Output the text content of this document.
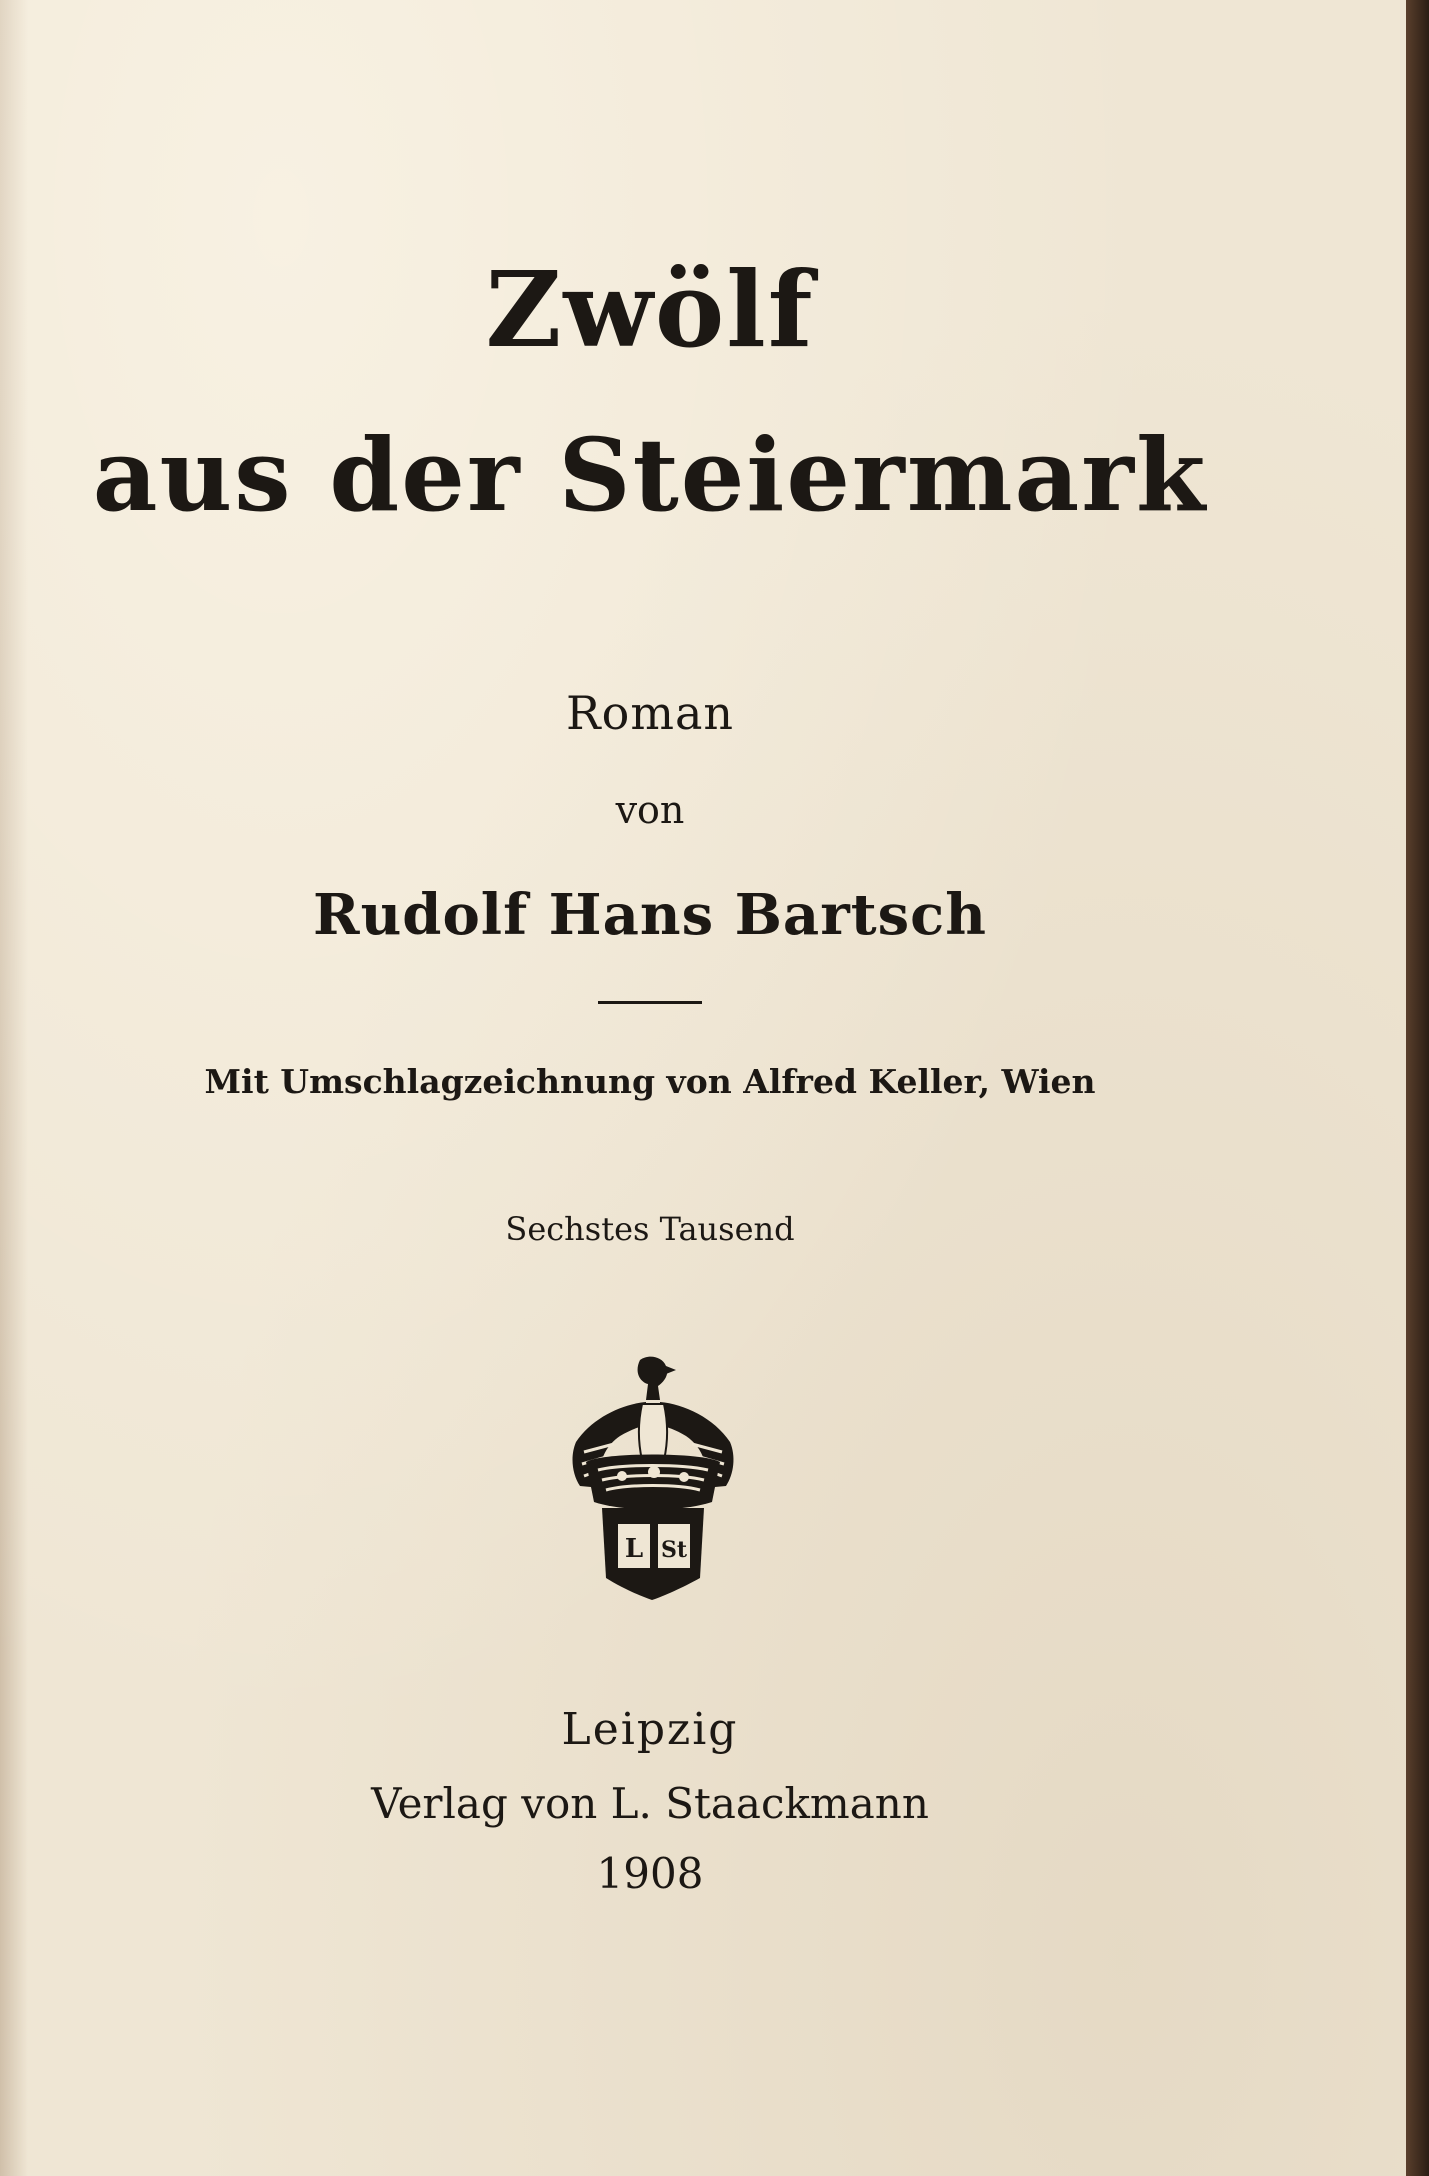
Zwölf
aus der Steiermark
Roman
von
Rudolf Hans Bartsch
Mit Umschlagzeichnung von Alfred Keller, Wien
Sechstes Tausend
L St
Leipzig
Verlag von L. Staackmann
1908
